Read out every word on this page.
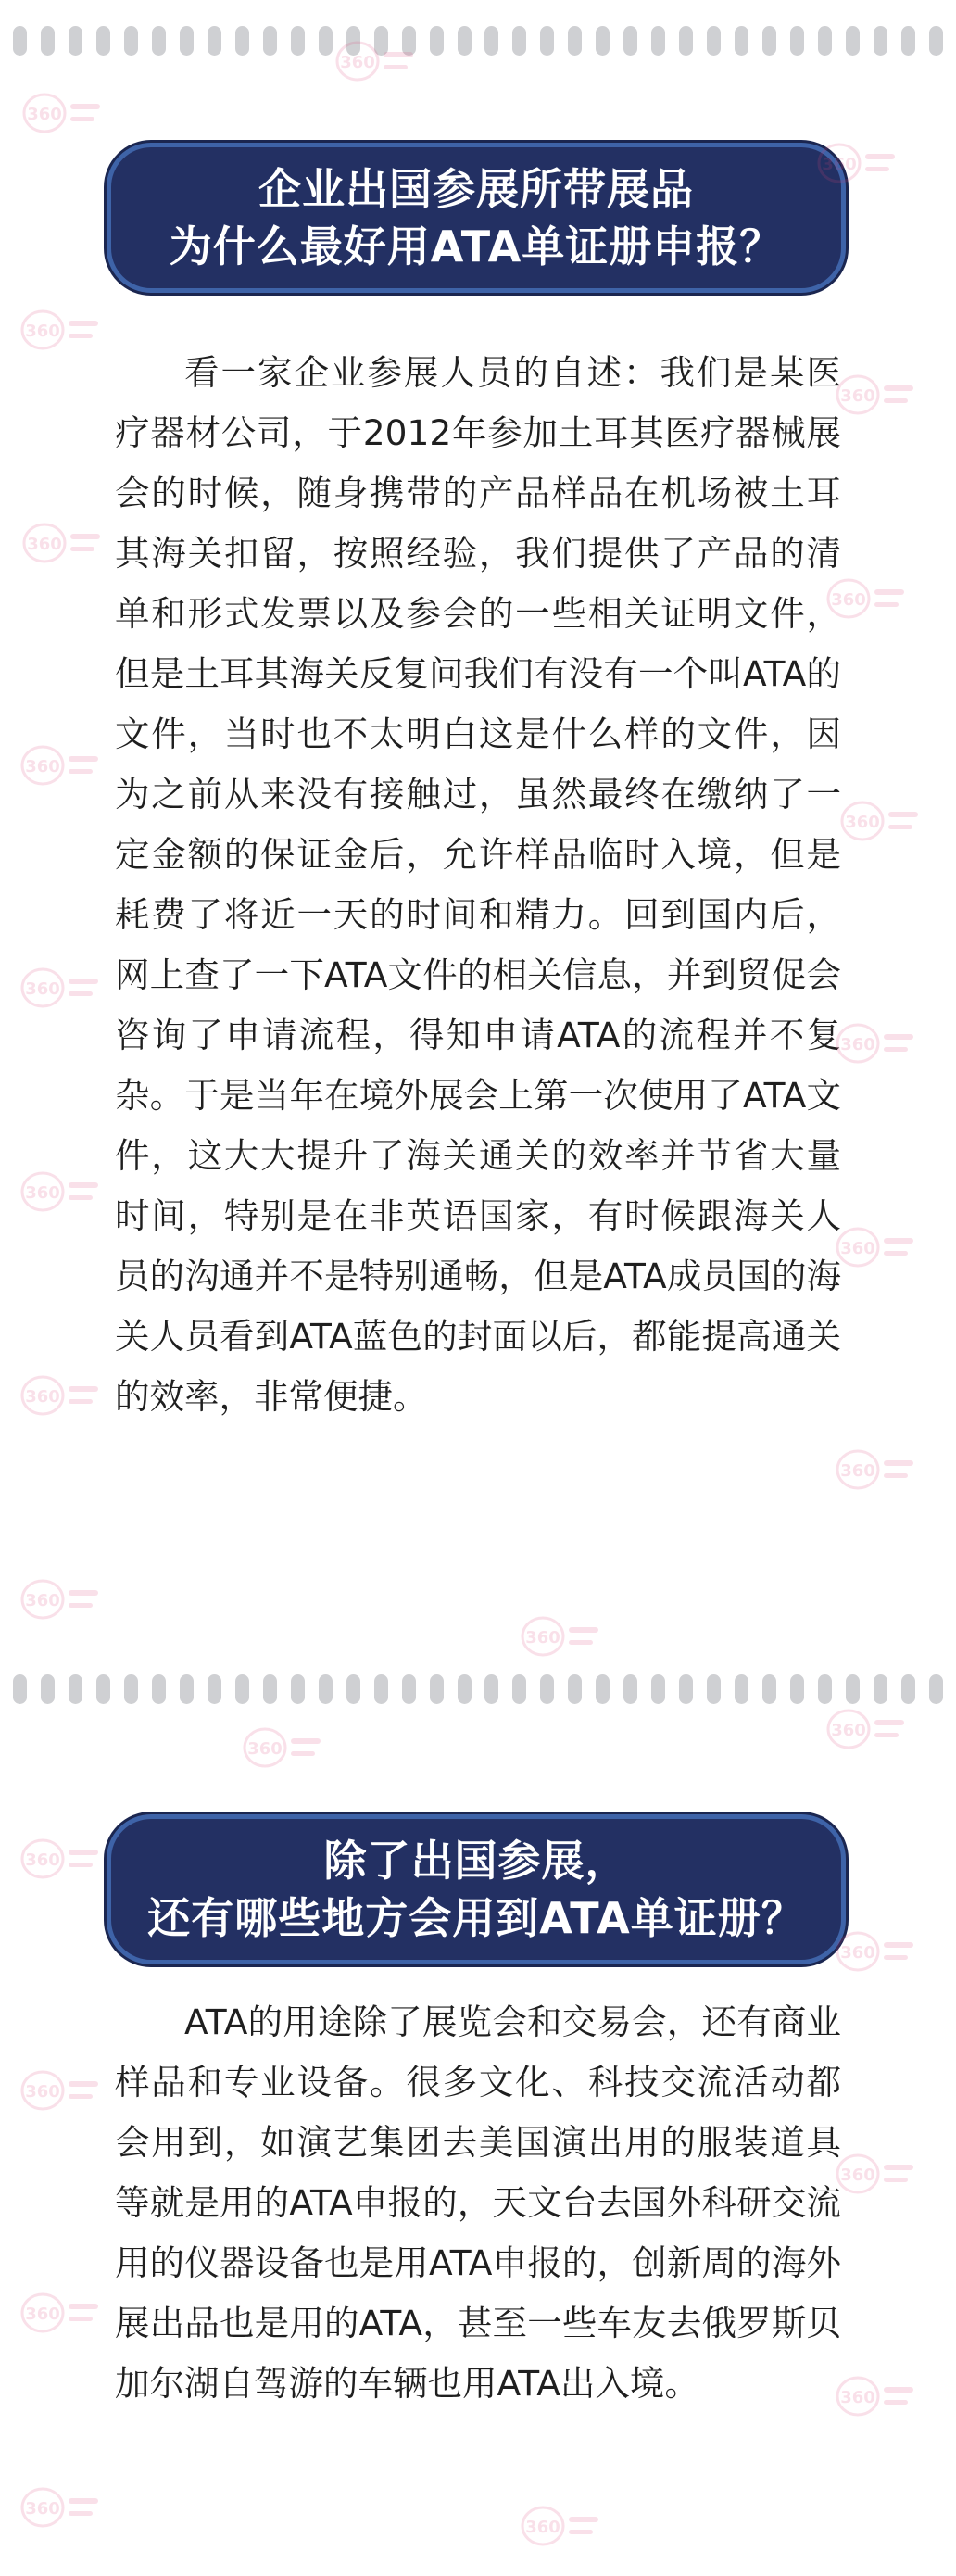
企业出国参展所带展品
为什么最好用ATA单证册申报？

看一家企业参展人员的自述：我们是某医疗器材公司，于2012年参加土耳其医疗器械展会的时候，随身携带的产品样品在机场被土耳其海关扣留，按照经验，我们提供了产品的清单和形式发票以及参会的一些相关证明文件，但是土耳其海关反复问我们有没有一个叫ATA的文件，当时也不太明白这是什么样的文件，因为之前从来没有接触过，虽然最终在缴纳了一定金额的保证金后，允许样品临时入境，但是耗费了将近一天的时间和精力。回到国内后，网上查了一下ATA文件的相关信息，并到贸促会咨询了申请流程，得知申请ATA的流程并不复杂。于是当年在境外展会上第一次使用了ATA文件，这大大提升了海关通关的效率并节省大量时间，特别是在非英语国家，有时候跟海关人员的沟通并不是特别通畅，但是ATA成员国的海关人员看到ATA蓝色的封面以后，都能提高通关的效率，非常便捷。

除了出国参展，
还有哪些地方会用到ATA单证册？

ATA的用途除了展览会和交易会，还有商业样品和专业设备。很多文化、科技交流活动都会用到，如演艺集团去美国演出用的服装道具等就是用的ATA申报的，天文台去国外科研交流用的仪器设备也是用ATA申报的，创新周的海外展出品也是用的ATA，甚至一些车友去俄罗斯贝加尔湖自驾游的车辆也用ATA出入境。

360
360
360
360
360
360
360
360
360
360
360
360
360
360
360
360
360
360
360
360
360
360
360
360
360
360
360
